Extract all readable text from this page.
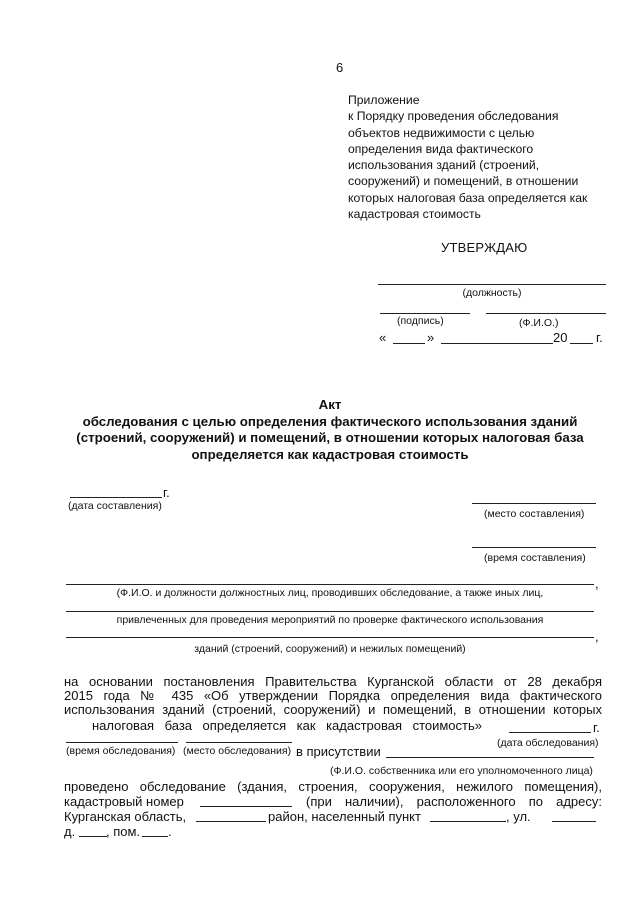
6
Приложение
к Порядку проведения обследования
объектов недвижимости с целью
определения вида фактического
использования зданий (строений,
сооружений) и помещений, в отношении
которых налоговая база определяется как
кадастровая стоимость
УТВЕРЖДАЮ
(должность)
(подпись)	(Ф.И.О.)
«	»	20 г.
Акт
обследования с целью определения фактического использования зданий
(строений, сооружений) и помещений, в отношении которых налоговая база
определяется как кадастровая стоимость
г.
(дата составления)
(место составления)
(время составления)
,
(Ф.И.О. и должности должностных лиц, проводивших обследование, а также иных лиц,
привлеченных для проведения мероприятий по проверке фактического использования
,
зданий (строений, сооружений) и нежилых помещений)
на основании постановления Правительства Курганской области от 28 декабря
2015 года № 435 «Об утверждении Порядка определения вида фактического
использования зданий (строений, сооружений) и помещений, в отношении которых
налоговая база определяется как кадастровая стоимость»	г.
(дата обследования)
(время обследования) (место обследования) в присутствии
(Ф.И.О. собственника или его уполномоченного лица)
проведено обследование (здания, строения, сооружения, нежилого помещения),
кадастровый номер	(при наличии), расположенного по адресу:
Курганская область,	район, населенный пункт	, ул.
д. , пом. .
